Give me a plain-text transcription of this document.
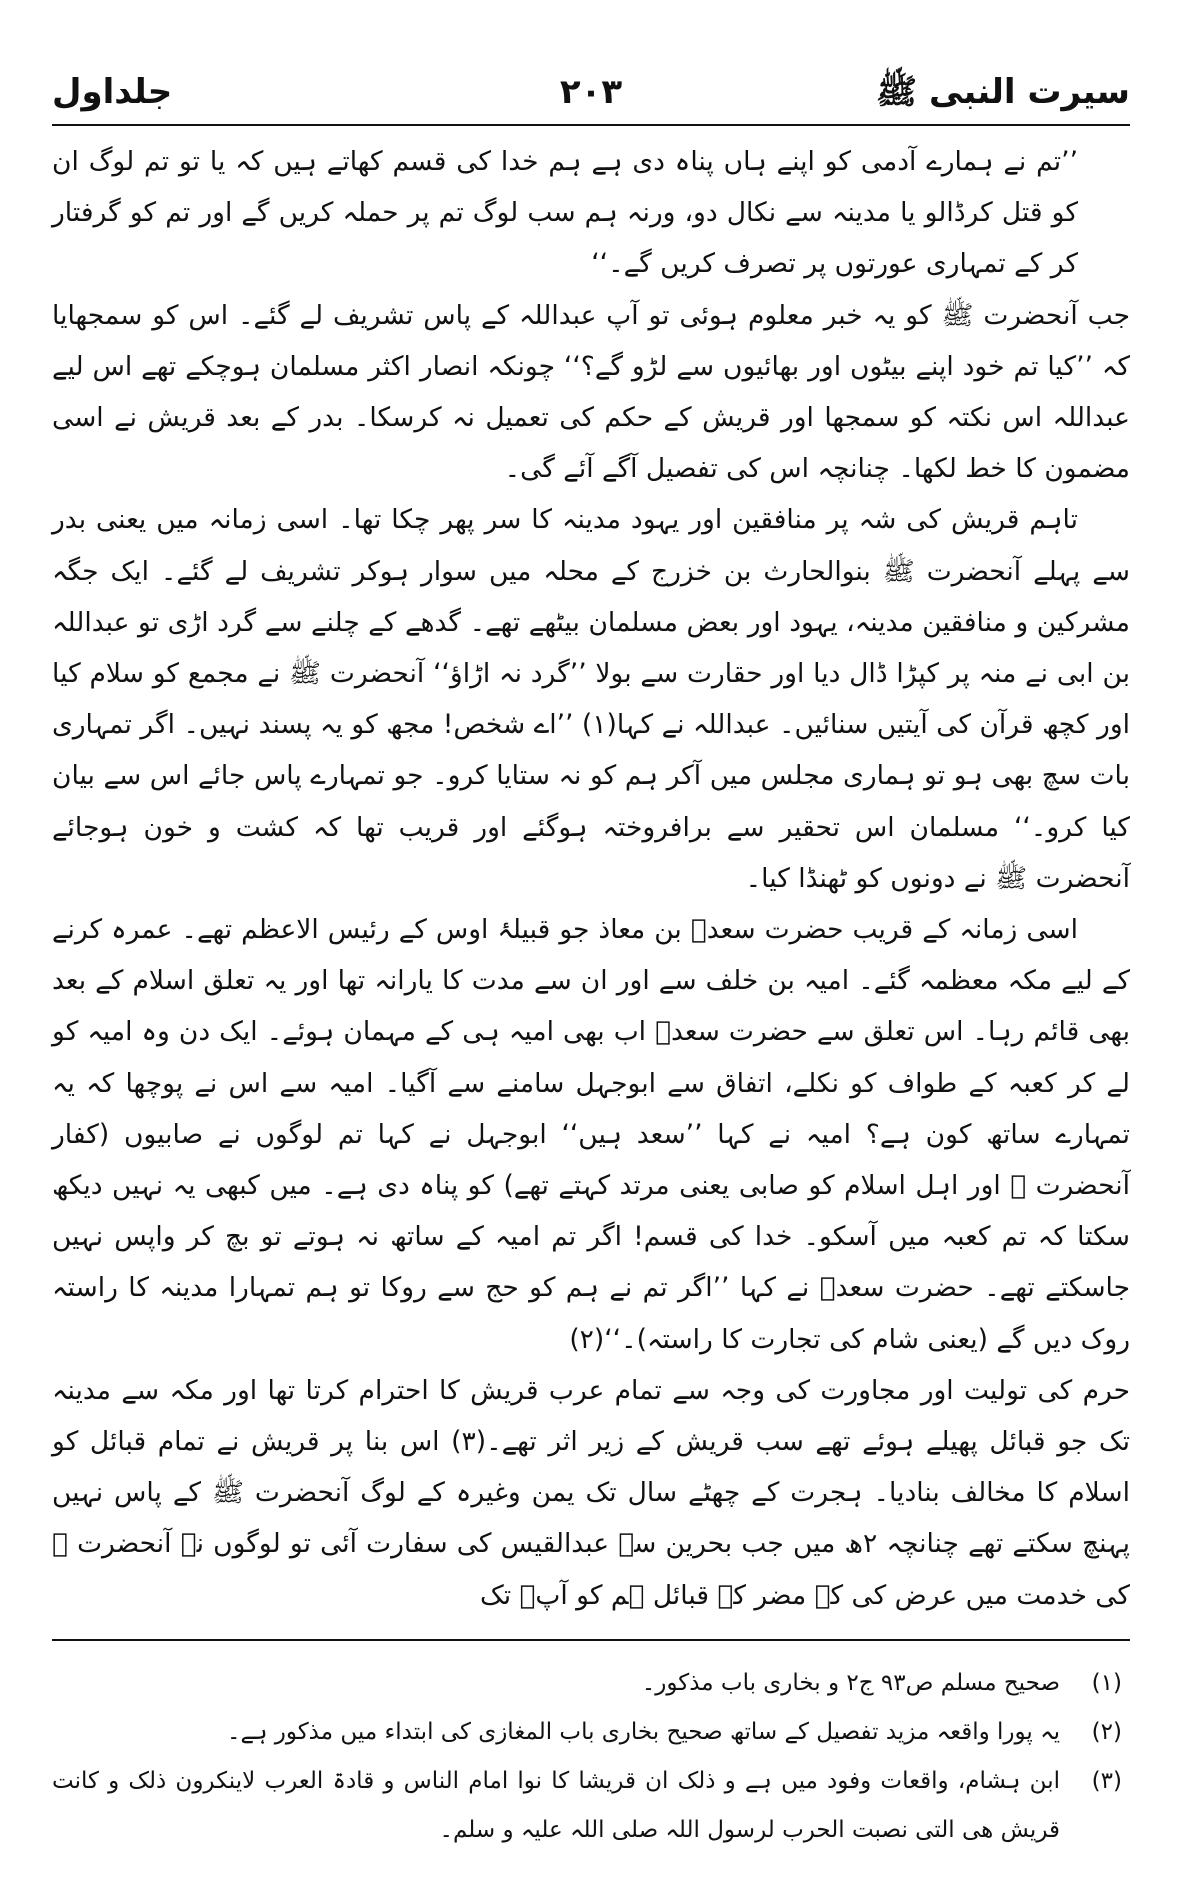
سیرت النبی ﷺ
۲۰۳
جلداول

’’تم نے ہمارے آدمی کو اپنے ہاں پناہ دی ہے ہم خدا کی قسم کھاتے ہیں کہ یا تو تم لوگ ان کو قتل کرڈالو یا مدینہ سے نکال دو، ورنہ ہم سب لوگ تم پر حملہ کریں گے اور تم کو گرفتار کر کے تمہاری عورتوں پر تصرف کریں گے۔‘‘

جب آنحضرت ﷺ کو یہ خبر معلوم ہوئی تو آپ عبداللہ کے پاس تشریف لے گئے۔ اس کو سمجھایا کہ ’’کیا تم خود اپنے بیٹوں اور بھائیوں سے لڑو گے؟‘‘ چونکہ انصار اکثر مسلمان ہوچکے تھے اس لیے عبداللہ اس نکتہ کو سمجھا اور قریش کے حکم کی تعمیل نہ کرسکا۔ بدر کے بعد قریش نے اسی مضمون کا خط لکھا۔ چنانچہ اس کی تفصیل آگے آئے گی۔

تاہم قریش کی شہ پر منافقین اور یہود مدینہ کا سر پھر چکا تھا۔ اسی زمانہ میں یعنی بدر سے پہلے آنحضرت ﷺ بنوالحارث بن خزرج کے محلہ میں سوار ہوکر تشریف لے گئے۔ ایک جگہ مشرکین و منافقین مدینہ، یہود اور بعض مسلمان بیٹھے تھے۔ گدھے کے چلنے سے گرد اڑی تو عبداللہ بن ابی نے منہ پر کپڑا ڈال دیا اور حقارت سے بولا ’’گرد نہ اڑاؤ‘‘ آنحضرت ﷺ نے مجمع کو سلام کیا اور کچھ قرآن کی آیتیں سنائیں۔ عبداللہ نے کہا(۱) ’’اے شخص! مجھ کو یہ پسند نہیں۔ اگر تمہاری بات سچ بھی ہو تو ہماری مجلس میں آکر ہم کو نہ ستایا کرو۔ جو تمہارے پاس جائے اس سے بیان کیا کرو۔‘‘ مسلمان اس تحقیر سے برافروختہ ہوگئے اور قریب تھا کہ کشت و خون ہوجائے آنحضرت ﷺ نے دونوں کو ٹھنڈا کیا۔

اسی زمانہ کے قریب حضرت سعدؓ بن معاذ جو قبیلۂ اوس کے رئیس الاعظم تھے۔ عمرہ کرنے کے لیے مکہ معظمہ گئے۔ امیہ بن خلف سے اور ان سے مدت کا یارانہ تھا اور یہ تعلق اسلام کے بعد بھی قائم رہا۔ اس تعلق سے حضرت سعدؓ اب بھی امیہ ہی کے مہمان ہوئے۔ ایک دن وہ امیہ کو لے کر کعبہ کے طواف کو نکلے، اتفاق سے ابوجہل سامنے سے آگیا۔ امیہ سے اس نے پوچھا کہ یہ تمہارے ساتھ کون ہے؟ امیہ نے کہا ’’سعد ہیں‘‘ ابوجہل نے کہا تم لوگوں نے صابیوں (کفار آنحضرت ﷺ اور اہل اسلام کو صابی یعنی مرتد کہتے تھے) کو پناہ دی ہے۔ میں کبھی یہ نہیں دیکھ سکتا کہ تم کعبہ میں آسکو۔ خدا کی قسم! اگر تم امیہ کے ساتھ نہ ہوتے تو بچ کر واپس نہیں جاسکتے تھے۔ حضرت سعدؓ نے کہا ’’اگر تم نے ہم کو حج سے روکا تو ہم تمہارا مدینہ کا راستہ روک دیں گے (یعنی شام کی تجارت کا راستہ)۔‘‘(۲)

حرم کی تولیت اور مجاورت کی وجہ سے تمام عرب قریش کا احترام کرتا تھا اور مکہ سے مدینہ تک جو قبائل پھیلے ہوئے تھے سب قریش کے زیر اثر تھے۔(۳) اس بنا پر قریش نے تمام قبائل کو اسلام کا مخالف بنادیا۔ ہجرت کے چھٹے سال تک یمن وغیرہ کے لوگ آنحضرت ﷺ کے پاس نہیں پہنچ سکتے تھے چنانچہ ۲ھ میں جب بحرین سے عبدالقیس کی سفارت آئی تو لوگوں نے آنحضرت ﷺ کی خدمت میں عرض کی کہ مضر کے قبائل ہم کو آپؐ تک

(۱)
صحیح مسلم ص۹۳ ج۲ و بخاری باب مذکور۔
(۲)
یہ پورا واقعہ مزید تفصیل کے ساتھ صحیح بخاری باب المغازی کی ابتداء میں مذکور ہے۔
(۳)
ابن ہشام، واقعات وفود میں ہے و ذلک ان قریشا کا نوا امام الناس و قادۃ العرب لاینکرون ذلک و کانت قریش ھی التی نصبت الحرب لرسول اللہ صلی اللہ علیہ و سلم۔
